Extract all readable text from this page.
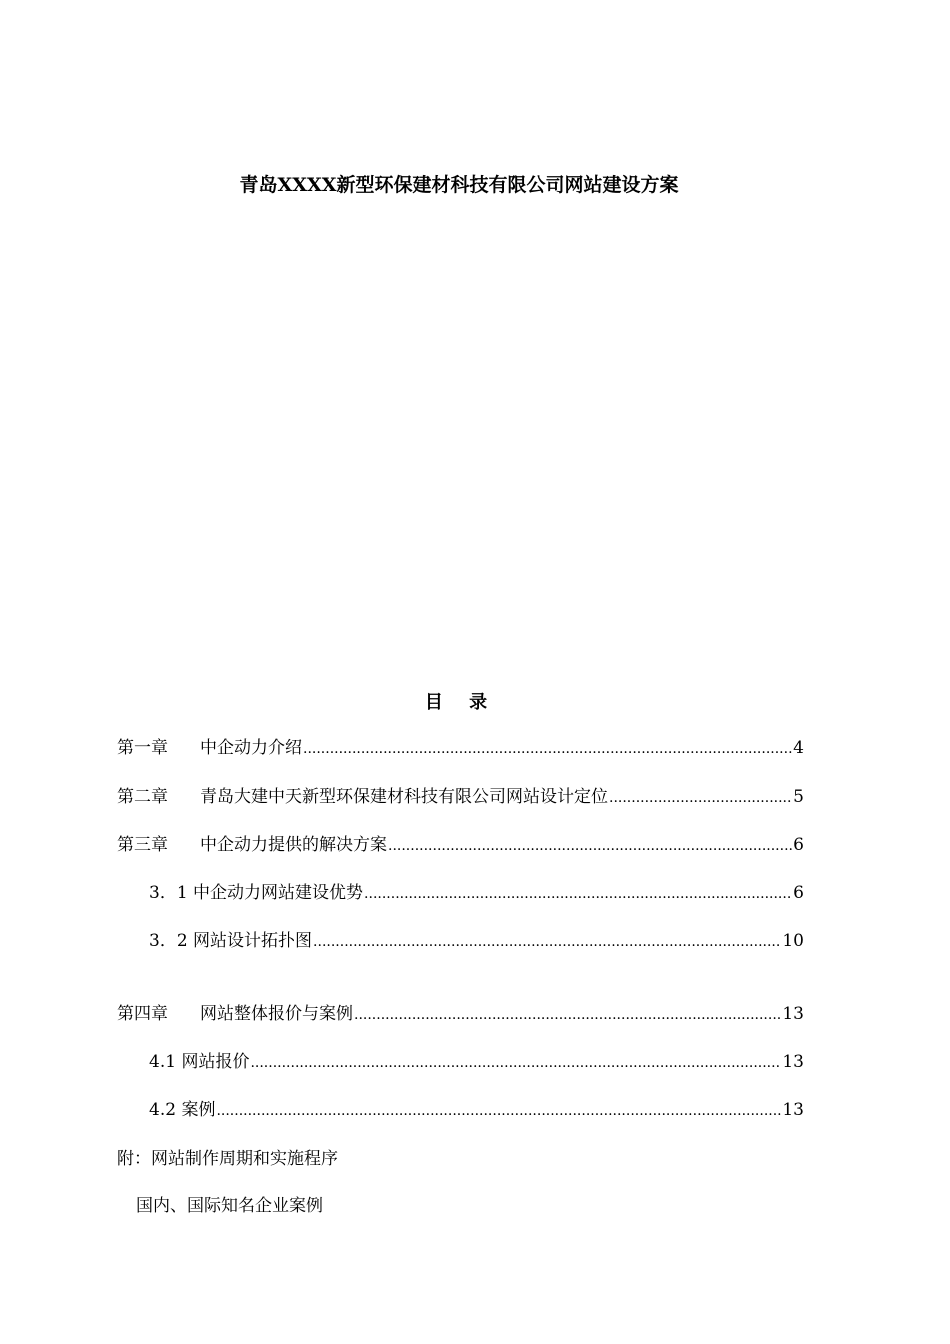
青岛XXXX新型环保建材科技有限公司网站建设方案
目 录
第一章	中企动力介绍 .....	4
第二章	青岛大建中天新型环保建材科技有限公司网站设计定位 .....	5
第三章	中企动力提供的解决方案 .....	6
3．1 中企动力网站建设优势 .....	6
3．2 网站设计拓扑图 .....	10
第四章	网站整体报价与案例 .....	13
4.1 网站报价 .....	13
4.2 案例 .....	13
附：网站制作周期和实施程序
国内、国际知名企业案例
